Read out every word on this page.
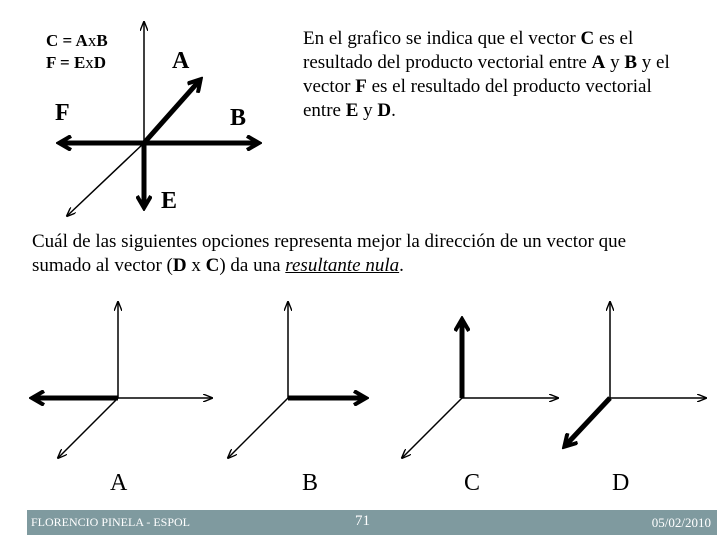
C = AxB
F = ExD	A
B
F
E
En el grafico se indica que el vector C es el resultado del producto vectorial entre A y B y el vector F es el resultado del producto vectorial entre E y D.
Cuál de las siguientes opciones representa mejor la dirección de un vector que sumado al vector (D x C) da una resultante nula.
A	B	C	D
FLORENCIO PINELA - ESPOL	71	05/02/2010
